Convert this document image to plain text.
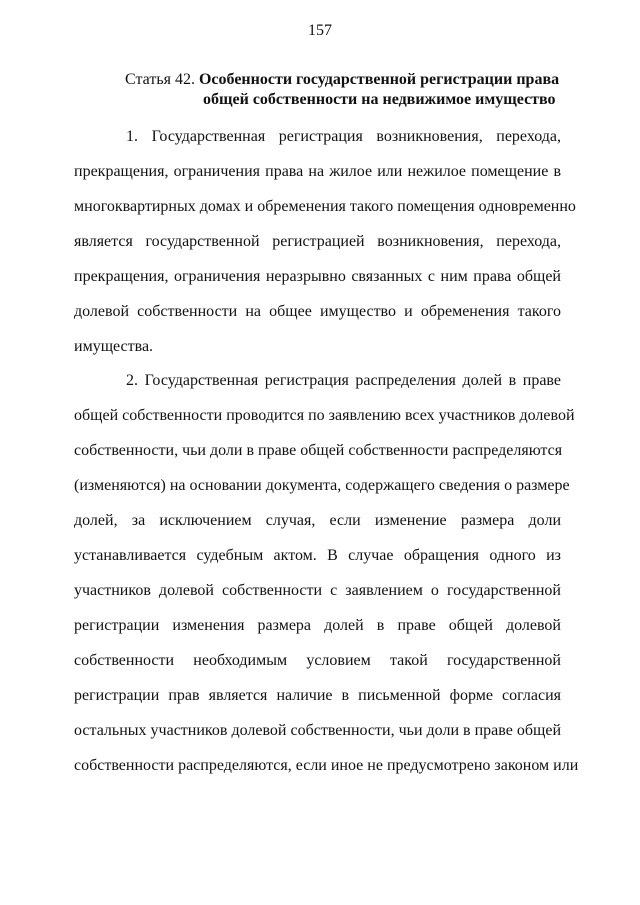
157
Статья 42. Особенности государственной регистрации права
общей собственности на недвижимое имущество
1. Государственная регистрация возникновения, перехода,
прекращения, ограничения права на жилое или нежилое помещение в
многоквартирных домах и обременения такого помещения одновременно
является государственной регистрацией возникновения, перехода,
прекращения, ограничения неразрывно связанных с ним права общей
долевой собственности на общее имущество и обременения такого
имущества.
2. Государственная регистрация распределения долей в праве
общей собственности проводится по заявлению всех участников долевой
собственности, чьи доли в праве общей собственности распределяются
(изменяются) на основании документа, содержащего сведения о размере
долей, за исключением случая, если изменение размера доли
устанавливается судебным актом. В случае обращения одного из
участников долевой собственности с заявлением о государственной
регистрации изменения размера долей в праве общей долевой
собственности необходимым условием такой государственной
регистрации прав является наличие в письменной форме согласия
остальных участников долевой собственности, чьи доли в праве общей
собственности распределяются, если иное не предусмотрено законом или
